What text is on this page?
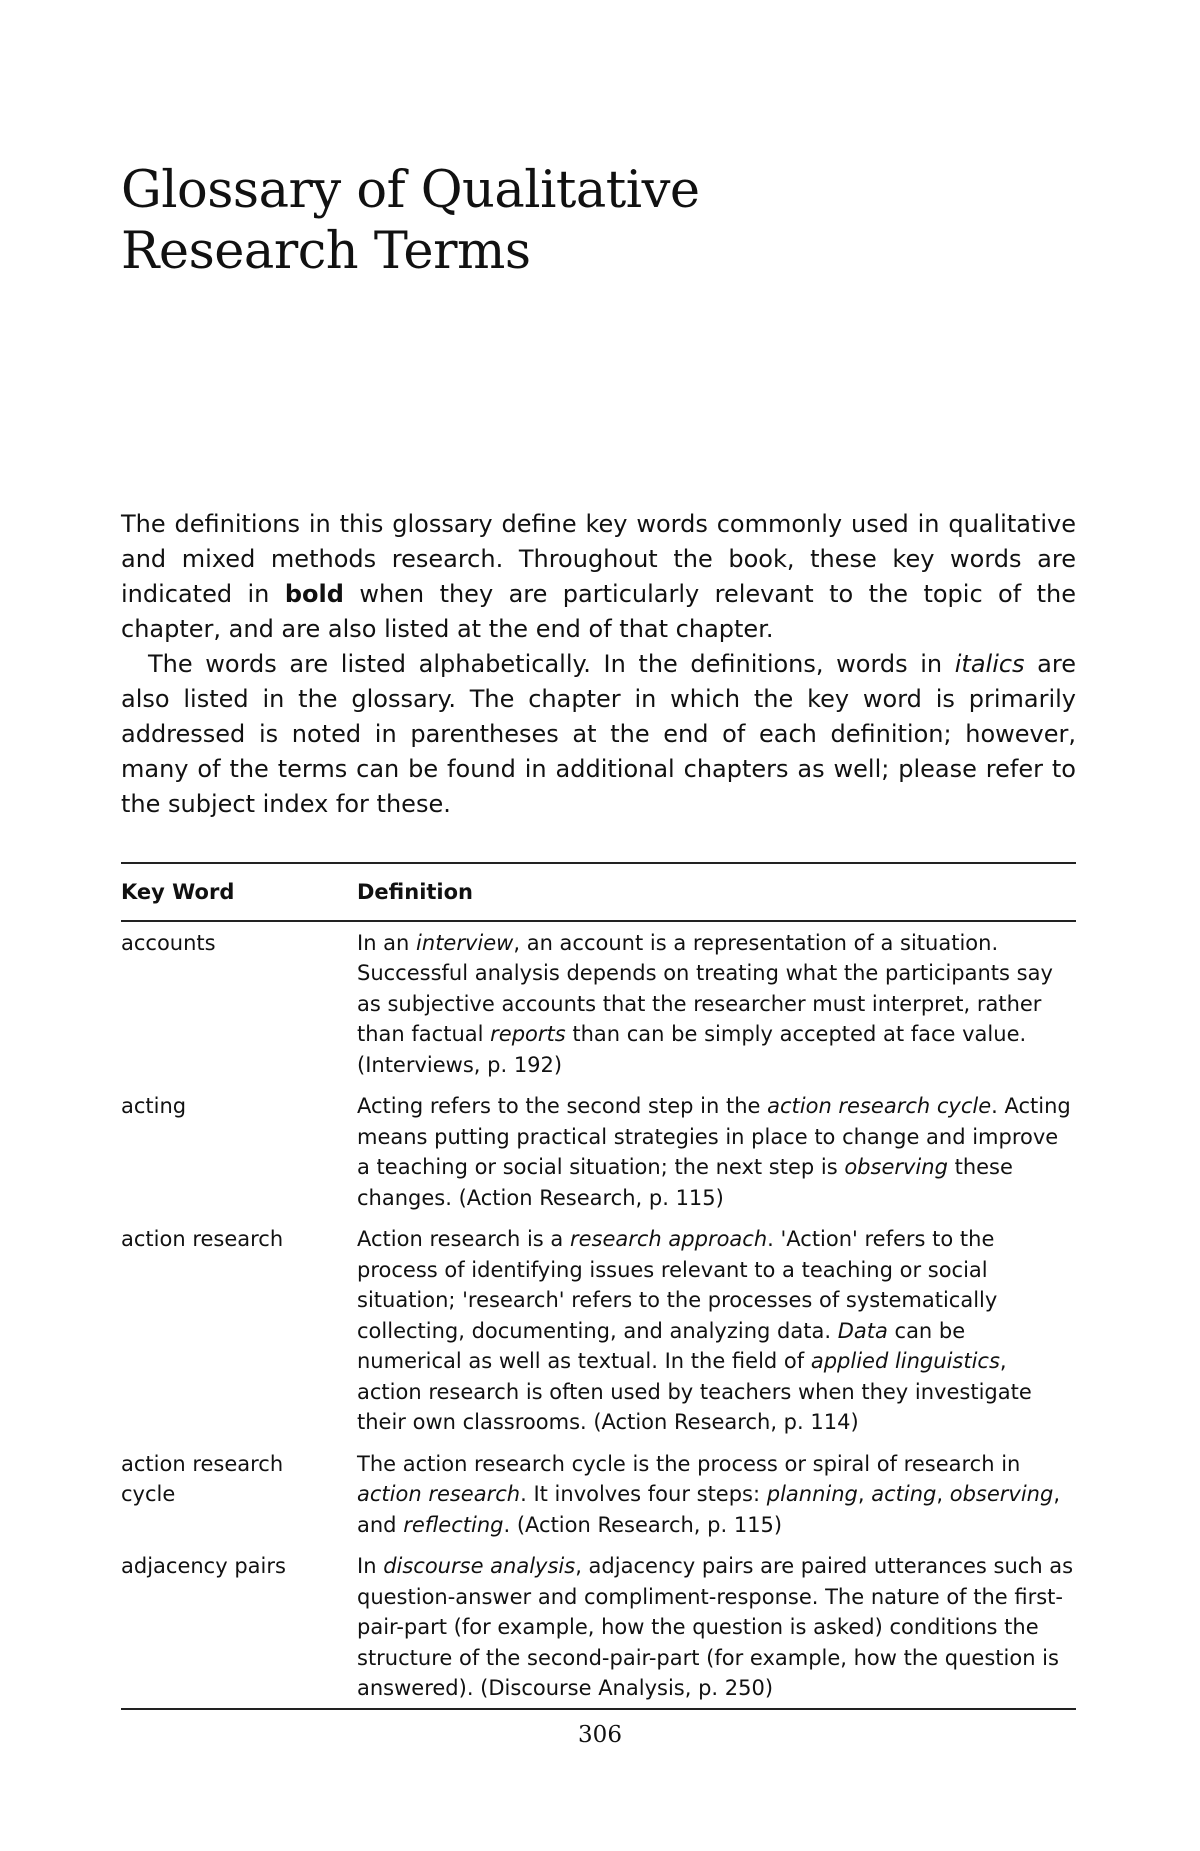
Glossary of Qualitative
Research Terms

The definitions in this glossary define key words commonly used in qualitative and mixed methods research. Throughout the book, these key words are indicated in bold when they are particularly relevant to the topic of the chapter, and are also listed at the end of that chapter.

The words are listed alphabetically. In the definitions, words in italics are also listed in the glossary. The chapter in which the key word is primarily addressed is noted in parentheses at the end of each definition; however, many of the terms can be found in additional chapters as well; please refer to the subject index for these.

Key Word	Definition
accounts	In an interview, an account is a representation of a situation. Successful analysis depends on treating what the participants say as subjective accounts that the researcher must interpret, rather than factual reports than can be simply accepted at face value. (Interviews, p. 192)
acting	Acting refers to the second step in the action research cycle. Acting means putting practical strategies in place to change and improve a teaching or social situation; the next step is observing these changes. (Action Research, p. 115)
action research	Action research is a research approach. 'Action' refers to the process of identifying issues relevant to a teaching or social situation; 'research' refers to the processes of systematically collecting, documenting, and analyzing data. Data can be numerical as well as textual. In the field of applied linguistics, action research is often used by teachers when they investigate their own classrooms. (Action Research, p. 114)
action research cycle	The action research cycle is the process or spiral of research in action research. It involves four steps: planning, acting, observing, and reflecting. (Action Research, p. 115)
adjacency pairs	In discourse analysis, adjacency pairs are paired utterances such as question-answer and compliment-response. The nature of the first-pair-part (for example, how the question is asked) conditions the structure of the second-pair-part (for example, how the question is answered). (Discourse Analysis, p. 250)
306
